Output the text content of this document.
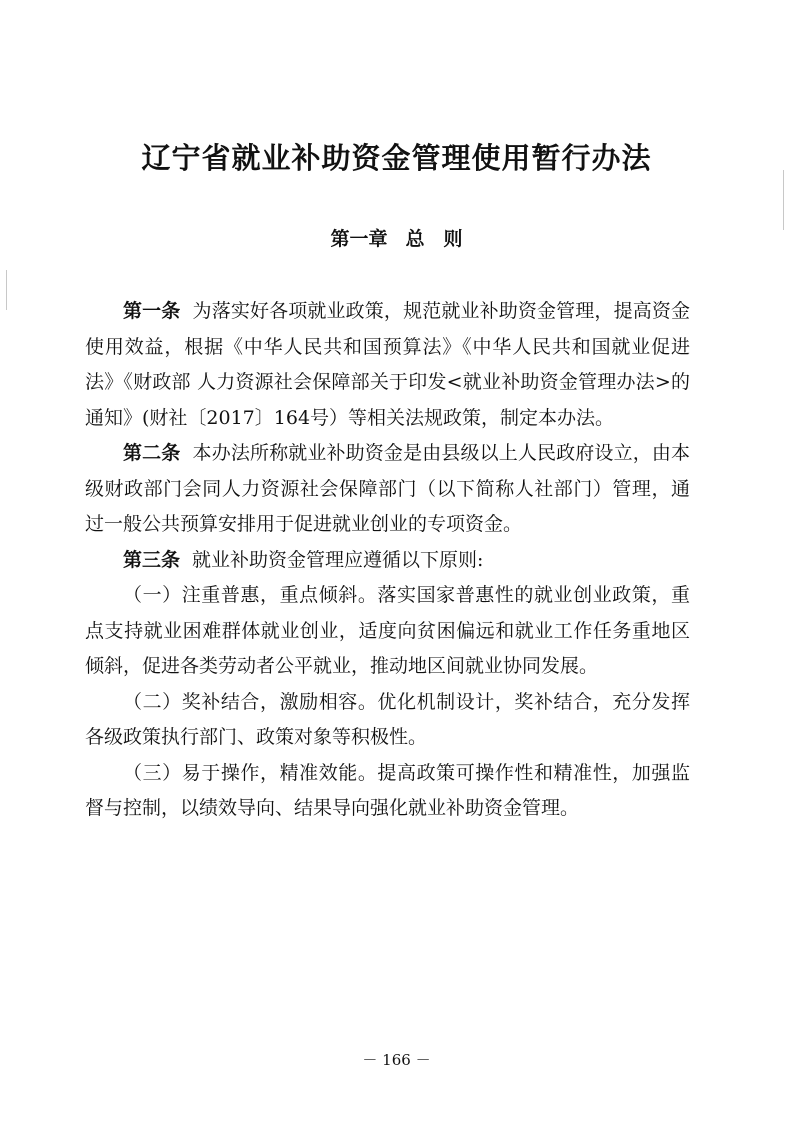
辽宁省就业补助资金管理使用暂行办法
第一章 总　则

第一条 为落实好各项就业政策，规范就业补助资金管理，提高资金使用效益，根据《中华人民共和国预算法》《中华人民共和国就业促进法》《财政部 人力资源社会保障部关于印发<就业补助资金管理办法>的通知》(财社〔2017〕164号）等相关法规政策，制定本办法。

第二条 本办法所称就业补助资金是由县级以上人民政府设立，由本级财政部门会同人力资源社会保障部门（以下简称人社部门）管理，通过一般公共预算安排用于促进就业创业的专项资金。

第三条 就业补助资金管理应遵循以下原则:

（一）注重普惠，重点倾斜。落实国家普惠性的就业创业政策，重点支持就业困难群体就业创业，适度向贫困偏远和就业工作任务重地区倾斜，促进各类劳动者公平就业，推动地区间就业协同发展。

（二）奖补结合，激励相容。优化机制设计，奖补结合，充分发挥各级政策执行部门、政策对象等积极性。

（三）易于操作，精准效能。提高政策可操作性和精准性，加强监督与控制，以绩效导向、结果导向强化就业补助资金管理。

－ 166 －
